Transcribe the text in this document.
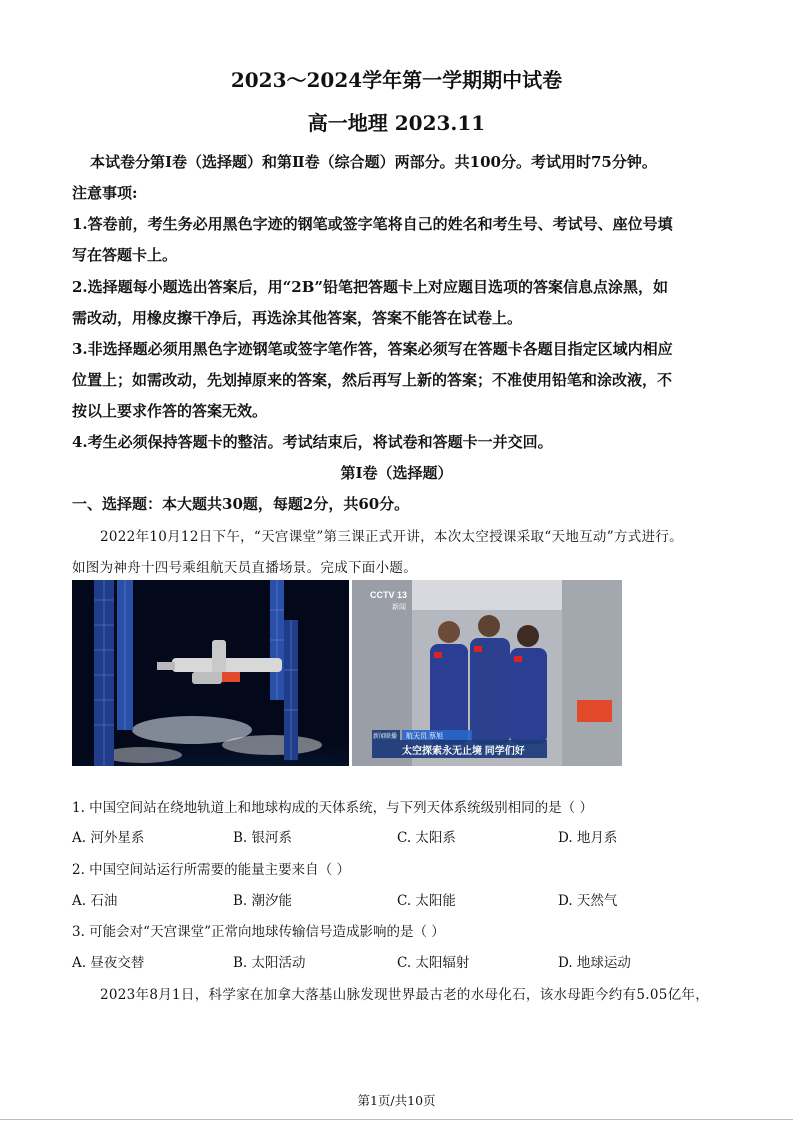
2023～2024学年第一学期期中试卷
高一地理 2023.11
本试卷分第Ⅰ卷（选择题）和第Ⅱ卷（综合题）两部分。共100分。考试用时75分钟。
注意事项:
1.答卷前，考生务必用黑色字迹的钢笔或签字笔将自己的姓名和考生号、考试号、座位号填
写在答题卡上。
2.选择题每小题选出答案后，用“2B”铅笔把答题卡上对应题目选项的答案信息点涂黑，如
需改动，用橡皮擦干净后，再选涂其他答案，答案不能答在试卷上。
3.非选择题必须用黑色字迹钢笔或签字笔作答，答案必须写在答题卡各题目指定区域内相应
位置上；如需改动，先划掉原来的答案，然后再写上新的答案；不准使用铅笔和涂改液，不
按以上要求作答的答案无效。
4.考生必须保持答题卡的整洁。考试结束后，将试卷和答题卡一并交回。
第Ⅰ卷（选择题）
一、选择题：本大题共30题，每题2分，共60分。
2022年10月12日下午，“天宫课堂”第三课正式开讲，本次太空授课采取“天地互动”方式进行。
如图为神舟十四号乘组航天员直播场景。完成下面小题。
CCTV 13
新闻
新闻联播 航天员 蔡旭
太空探索永无止境 同学们好
1. 中国空间站在绕地轨道上和地球构成的天体系统，与下列天体系统级别相同的是（ ）
A. 河外星系	B. 银河系	C. 太阳系	D. 地月系
2. 中国空间站运行所需要的能量主要来自（ ）
A. 石油	B. 潮汐能	C. 太阳能	D. 天然气
3. 可能会对“天宫课堂”正常向地球传输信号造成影响的是（ ）
A. 昼夜交替	B. 太阳活动	C. 太阳辐射	D. 地球运动
2023年8月1日，科学家在加拿大落基山脉发现世界最古老的水母化石，该水母距今约有5.05亿年，
第1页/共10页
